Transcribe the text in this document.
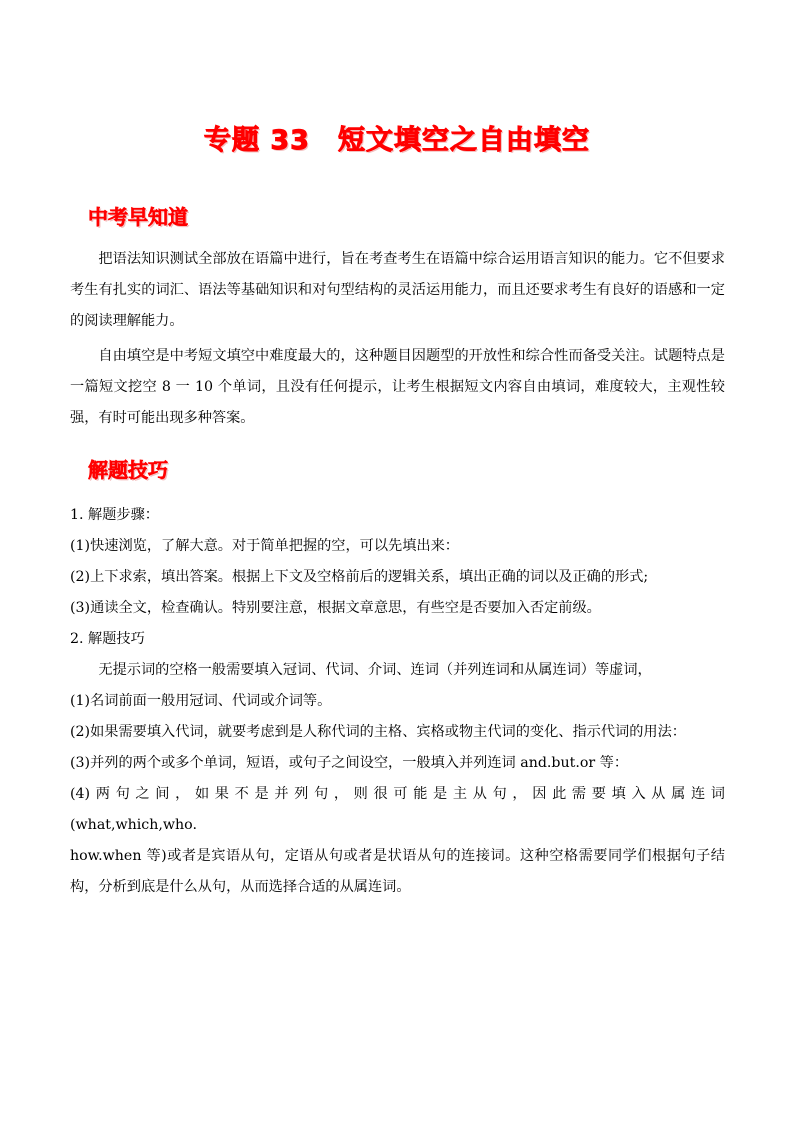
专题 33　短文填空之自由填空
中考早知道

把语法知识测试全部放在语篇中进行，旨在考查考生在语篇中综合运用语言知识的能力。它不但要求考生有扎实的词汇、语法等基础知识和对句型结构的灵活运用能力，而且还要求考生有良好的语感和一定的阅读理解能力。

自由填空是中考短文填空中难度最大的，这种题目因题型的开放性和综合性而备受关注。试题特点是一篇短文挖空 8 一 10 个单词，且没有任何提示，让考生根据短文内容自由填词，难度较大，主观性较强，有时可能出现多种答案。

解题技巧

1. 解题步骤：

(1)快速浏览，了解大意。对于简单把握的空，可以先填出来：

(2)上下求索，填出答案。根据上下文及空格前后的逻辑关系，填出正确的词以及正确的形式;

(3)通读全文，检查确认。特别要注意，根据文章意思，有些空是否要加入否定前级。

2. 解题技巧

无提示词的空格一般需要填入冠词、代词、介词、连词（并列连词和从属连词）等虚词，

(1)名词前面一般用冠词、代词或介词等。

(2)如果需要填入代词，就要考虑到是人称代词的主格、宾格或物主代词的变化、指示代词的用法：

(3)并列的两个或多个单词，短语，或句子之间设空，一般填入并列连词 and.but.or 等：

(4)两句之间，如果不是并列句，则很可能是主从句，因此需要填入从属连词

(what,which,who.

how.when 等)或者是宾语从句，定语从句或者是状语从句的连接词。这种空格需要同学们根据句子结构，分析到底是什么从句，从而选择合适的从属连词。
